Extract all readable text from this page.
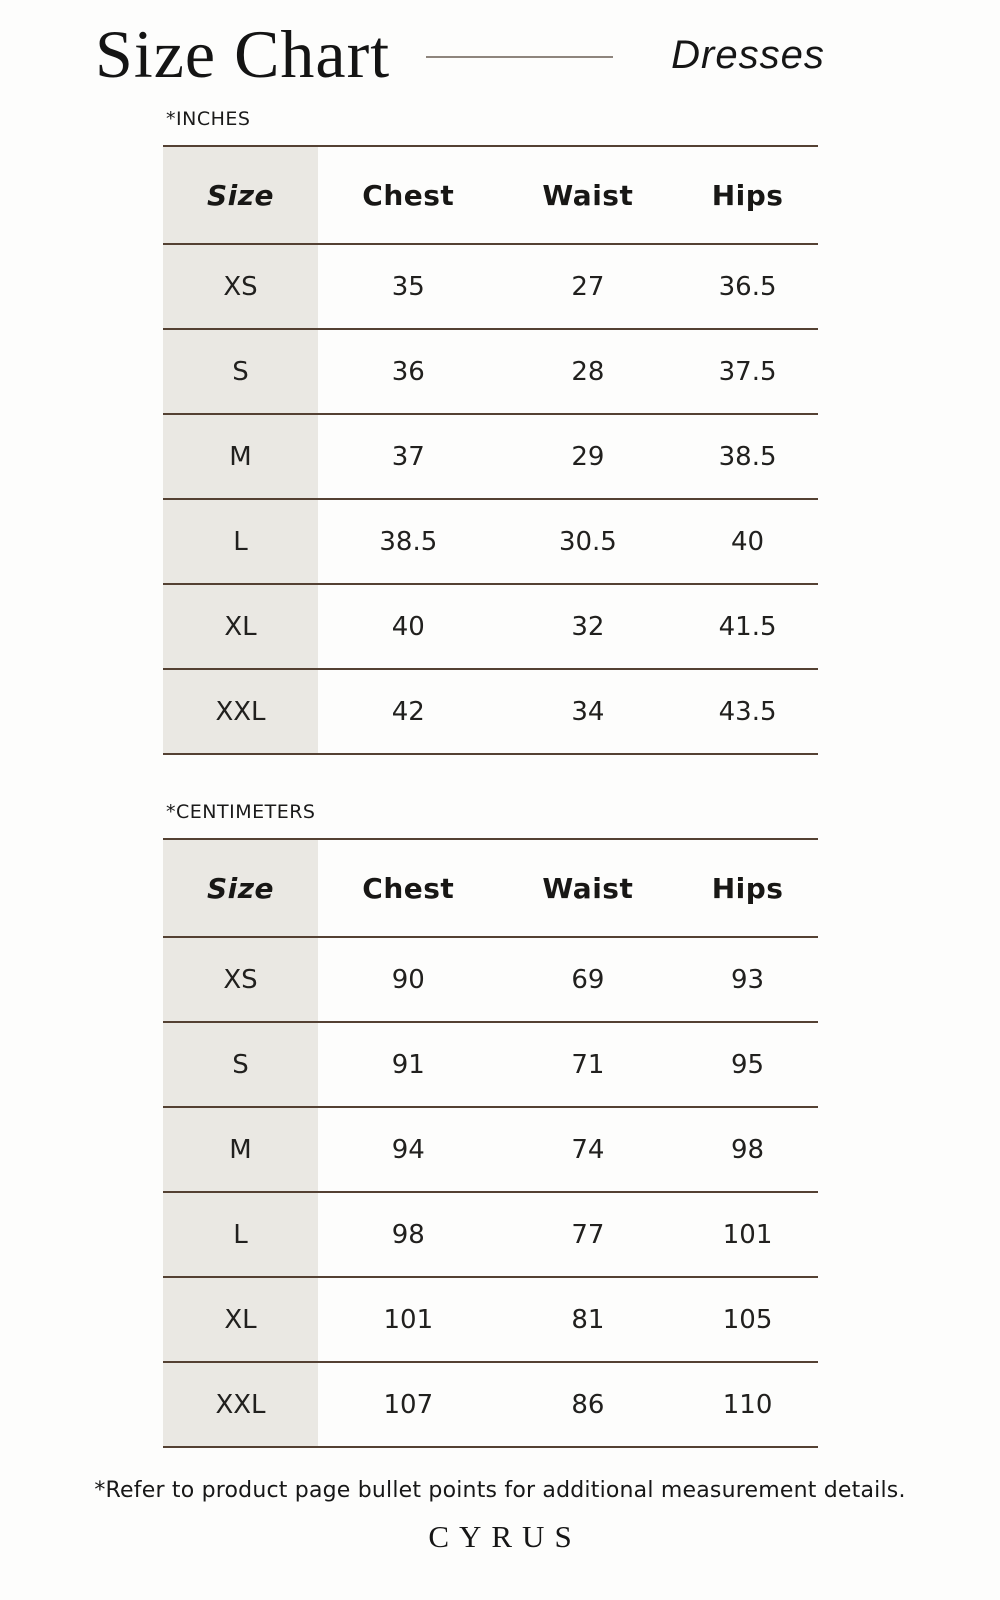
Size Chart	Dresses
*INCHES
Size	Chest	Waist	Hips
XS	35	27	36.5
S	36	28	37.5
M	37	29	38.5
L	38.5	30.5	40
XL	40	32	41.5
XXL	42	34	43.5
*CENTIMETERS
Size	Chest	Waist	Hips
XS	90	69	93
S	91	71	95
M	94	74	98
L	98	77	101
XL	101	81	105
XXL	107	86	110

*Refer to product page bullet points for additional measurement details.

CYRUS
